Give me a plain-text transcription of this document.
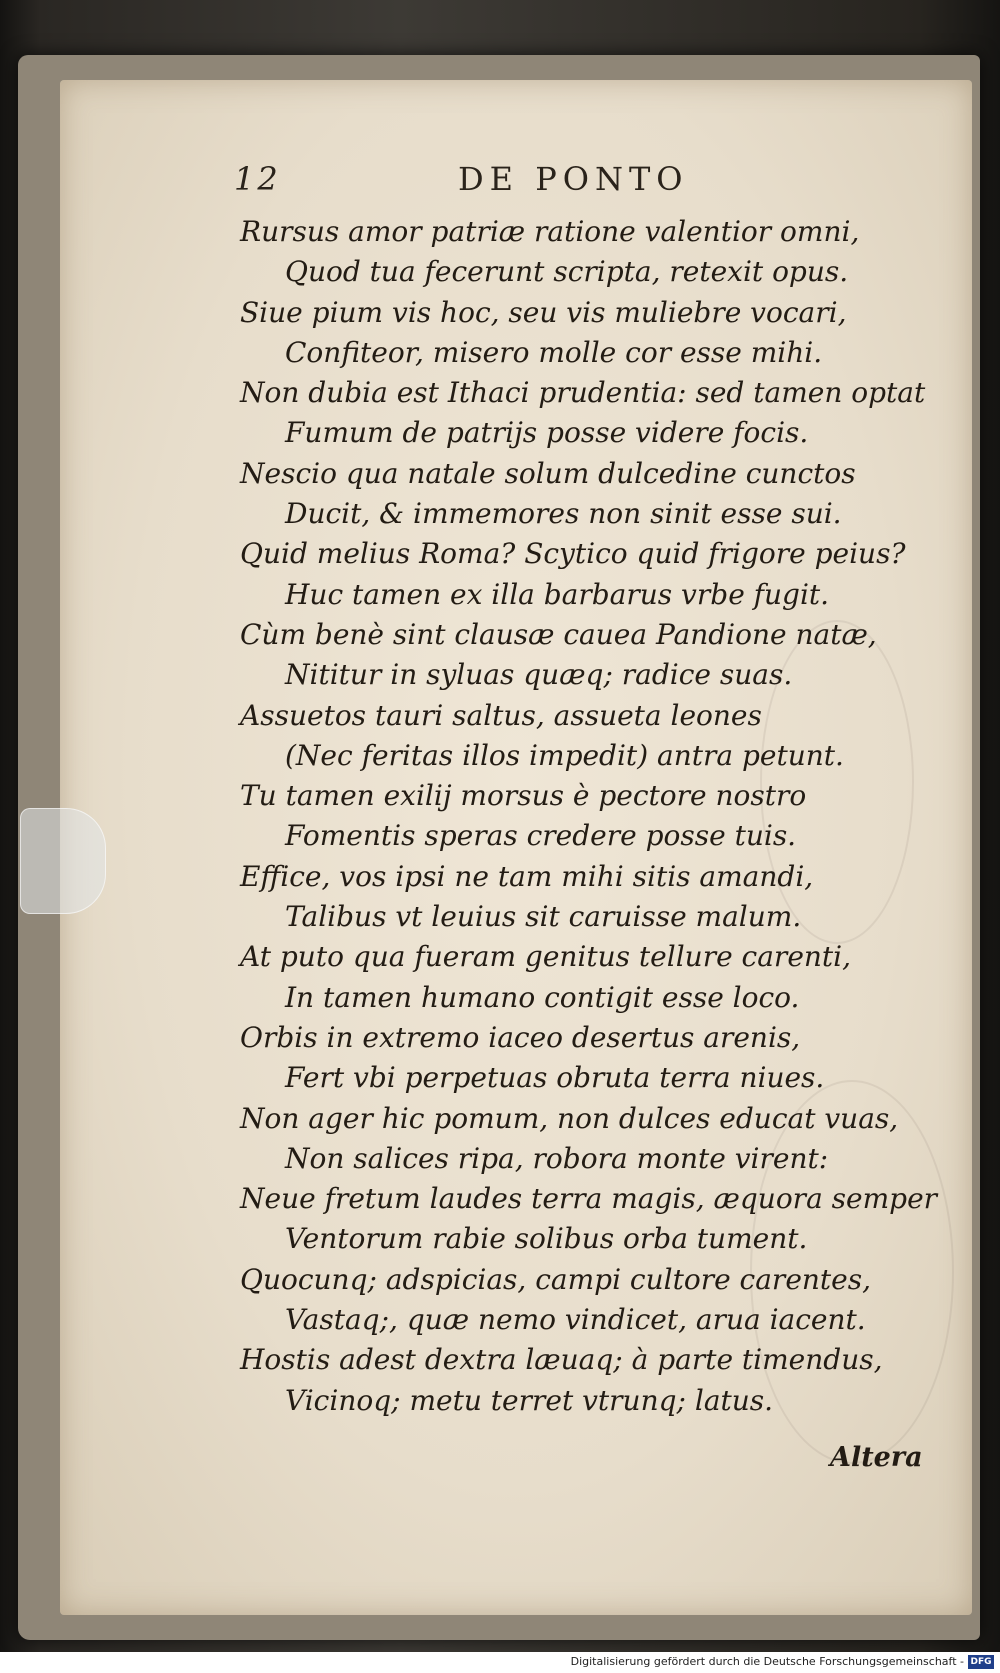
12	DE PONTO
Rursus amor patriæ ratione valentior omni,
Quod tua fecerunt scripta, retexit opus.
Siue pium vis hoc, seu vis muliebre vocari,
Confiteor, misero molle cor esse mihi.
Non dubia est Ithaci prudentia: sed tamen optat
Fumum de patrijs posse videre focis.
Nescio qua natale solum dulcedine cunctos
Ducit, & immemores non sinit esse sui.
Quid melius Roma? Scytico quid frigore peius?
Huc tamen ex illa barbarus vrbe fugit.
Cùm benè sint clausæ cauea Pandione natæ,
Nititur in syluas quæq; radice suas.
Assuetos tauri saltus, assueta leones
(Nec feritas illos impedit) antra petunt.
Tu tamen exilij morsus è pectore nostro
Fomentis speras credere posse tuis.
Effice, vos ipsi ne tam mihi sitis amandi,
Talibus vt leuius sit caruisse malum.
At puto qua fueram genitus tellure carenti,
In tamen humano contigit esse loco.
Orbis in extremo iaceo desertus arenis,
Fert vbi perpetuas obruta terra niues.
Non ager hic pomum, non dulces educat vuas,
Non salices ripa, robora monte virent:
Neue fretum laudes terra magis, æquora semper
Ventorum rabie solibus orba tument.
Quocunq; adspicias, campi cultore carentes,
Vastaq;, quæ nemo vindicet, arua iacent.
Hostis adest dextra læuaq; à parte timendus,
Vicinoq; metu terret vtrunq; latus.
Altera
Digitalisierung gefördert durch die Deutsche Forschungsgemeinschaft - DFG
